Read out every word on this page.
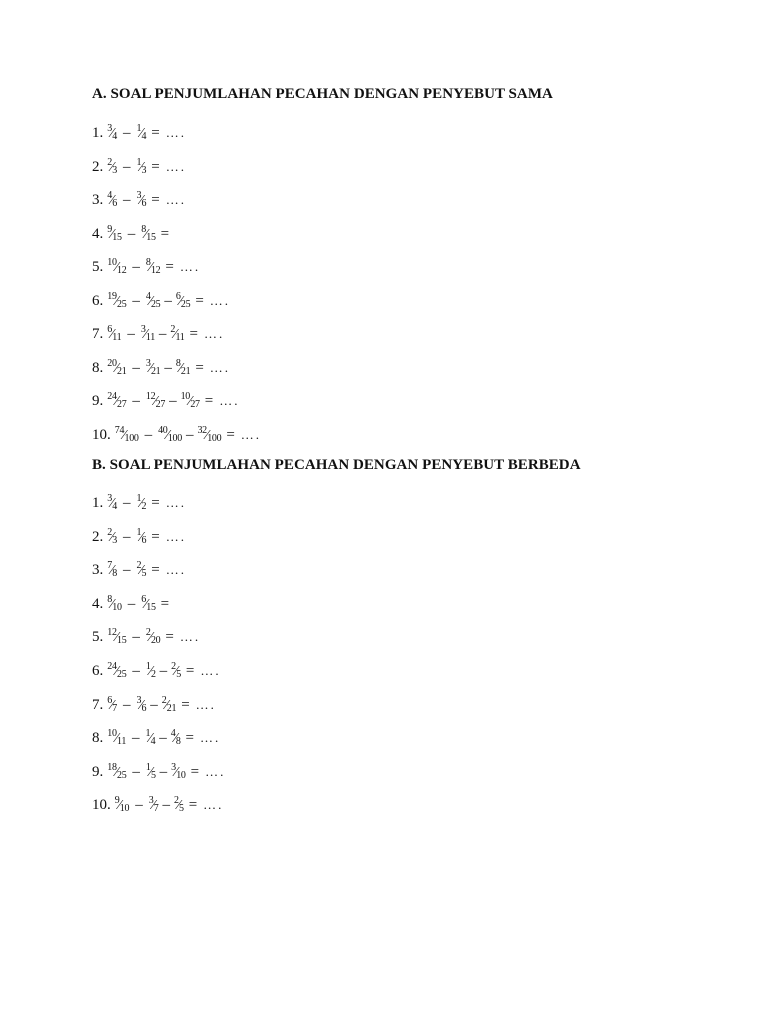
A. SOAL PENJUMLAHAN PECAHAN DENGAN PENYEBUT SAMA
1. $^3$⁄4 – $^1$⁄4 = ….
2. $^2$⁄3 – $^1$⁄3 = ….
3. $^4$⁄6 – $^3$⁄6 = ….
4. $^9$⁄15 – $^8$⁄15 =
5. $^{10}$⁄12 – $^8$⁄12 = ….
6. $^{19}$⁄25 – $^4$⁄25 – $^6$⁄25 = ….
7. $^6$⁄11 – $^3$⁄11 – $^2$⁄11 = ….
8. $^{20}$⁄21 – $^3$⁄21 – $^8$⁄21 = ….
9. $^{24}$⁄27 – $^{12}$⁄27 – $^{10}$⁄27 = ….
10. $^{74}$⁄100 – $^{40}$⁄100 – $^{32}$⁄100 = ….
B. SOAL PENJUMLAHAN PECAHAN DENGAN PENYEBUT BERBEDA
1. $^3$⁄4 – $^1$⁄2 = ….
2. $^2$⁄3 – $^1$⁄6 = ….
3. $^7$⁄8 – $^2$⁄5 = ….
4. $^8$⁄10 – $^6$⁄15 =
5. $^{12}$⁄15 – $^2$⁄20 = ….
6. $^{24}$⁄25 – $^1$⁄2 – $^2$⁄5 = ….
7. $^6$⁄7 – $^3$⁄6 – $^2$⁄21 = ….
8. $^{10}$⁄11 – $^1$⁄4 – $^4$⁄8 = ….
9. $^{18}$⁄25 – $^1$⁄5 – $^3$⁄10 = ….
10. $^9$⁄10 – $^3$⁄7 – $^2$⁄5 = ….
